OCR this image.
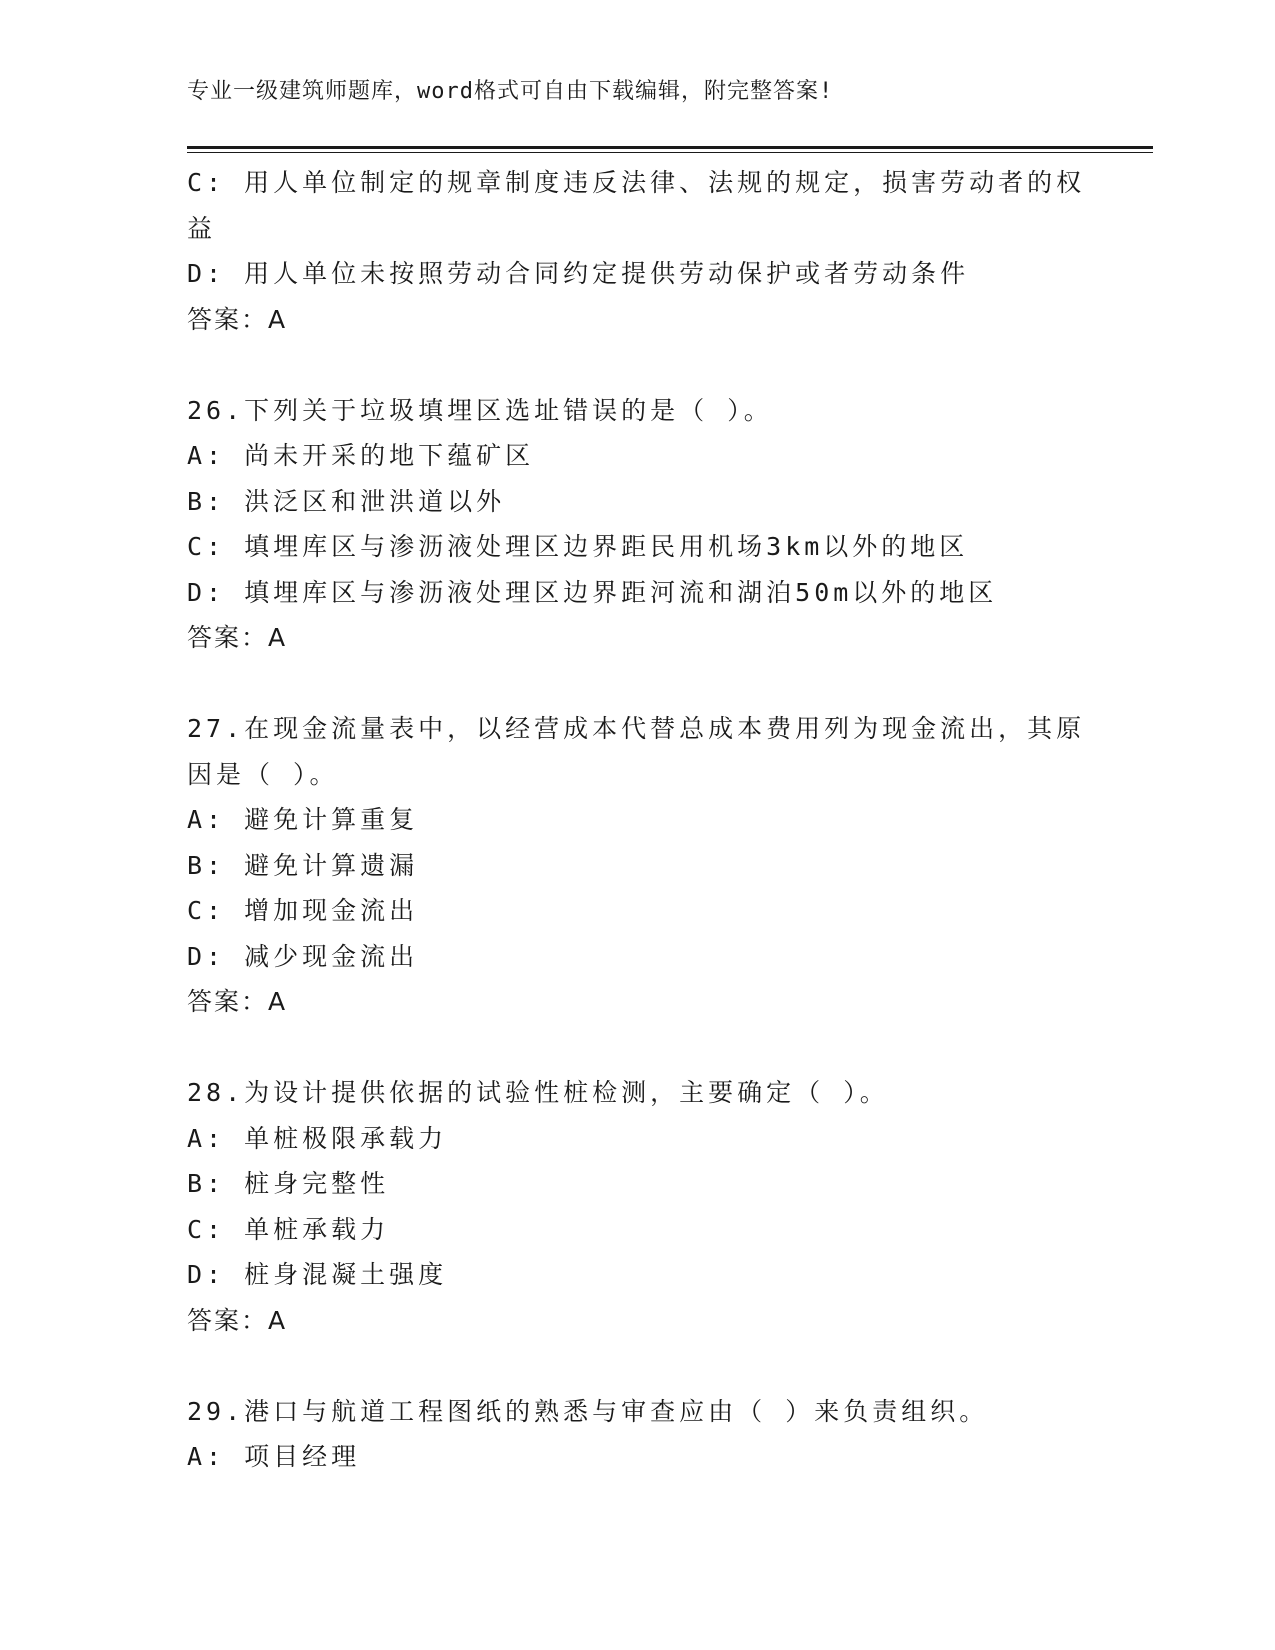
专业一级建筑师题库，word格式可自由下载编辑，附完整答案!
C: 用人单位制定的规章制度违反法律、法规的规定，损害劳动者的权
益
D: 用人单位未按照劳动合同约定提供劳动保护或者劳动条件
答案：A
26.下列关于垃圾填埋区选址错误的是（ ）。
A: 尚未开采的地下蕴矿区
B: 洪泛区和泄洪道以外
C: 填埋库区与渗沥液处理区边界距民用机场3km以外的地区
D: 填埋库区与渗沥液处理区边界距河流和湖泊50m以外的地区
答案：A
27.在现金流量表中，以经营成本代替总成本费用列为现金流出，其原
因是（ ）。
A: 避免计算重复
B: 避免计算遗漏
C: 增加现金流出
D: 减少现金流出
答案：A
28.为设计提供依据的试验性桩检测，主要确定（ ）。
A: 单桩极限承载力
B: 桩身完整性
C: 单桩承载力
D: 桩身混凝土强度
答案：A
29.港口与航道工程图纸的熟悉与审查应由（ ）来负责组织。
A: 项目经理
